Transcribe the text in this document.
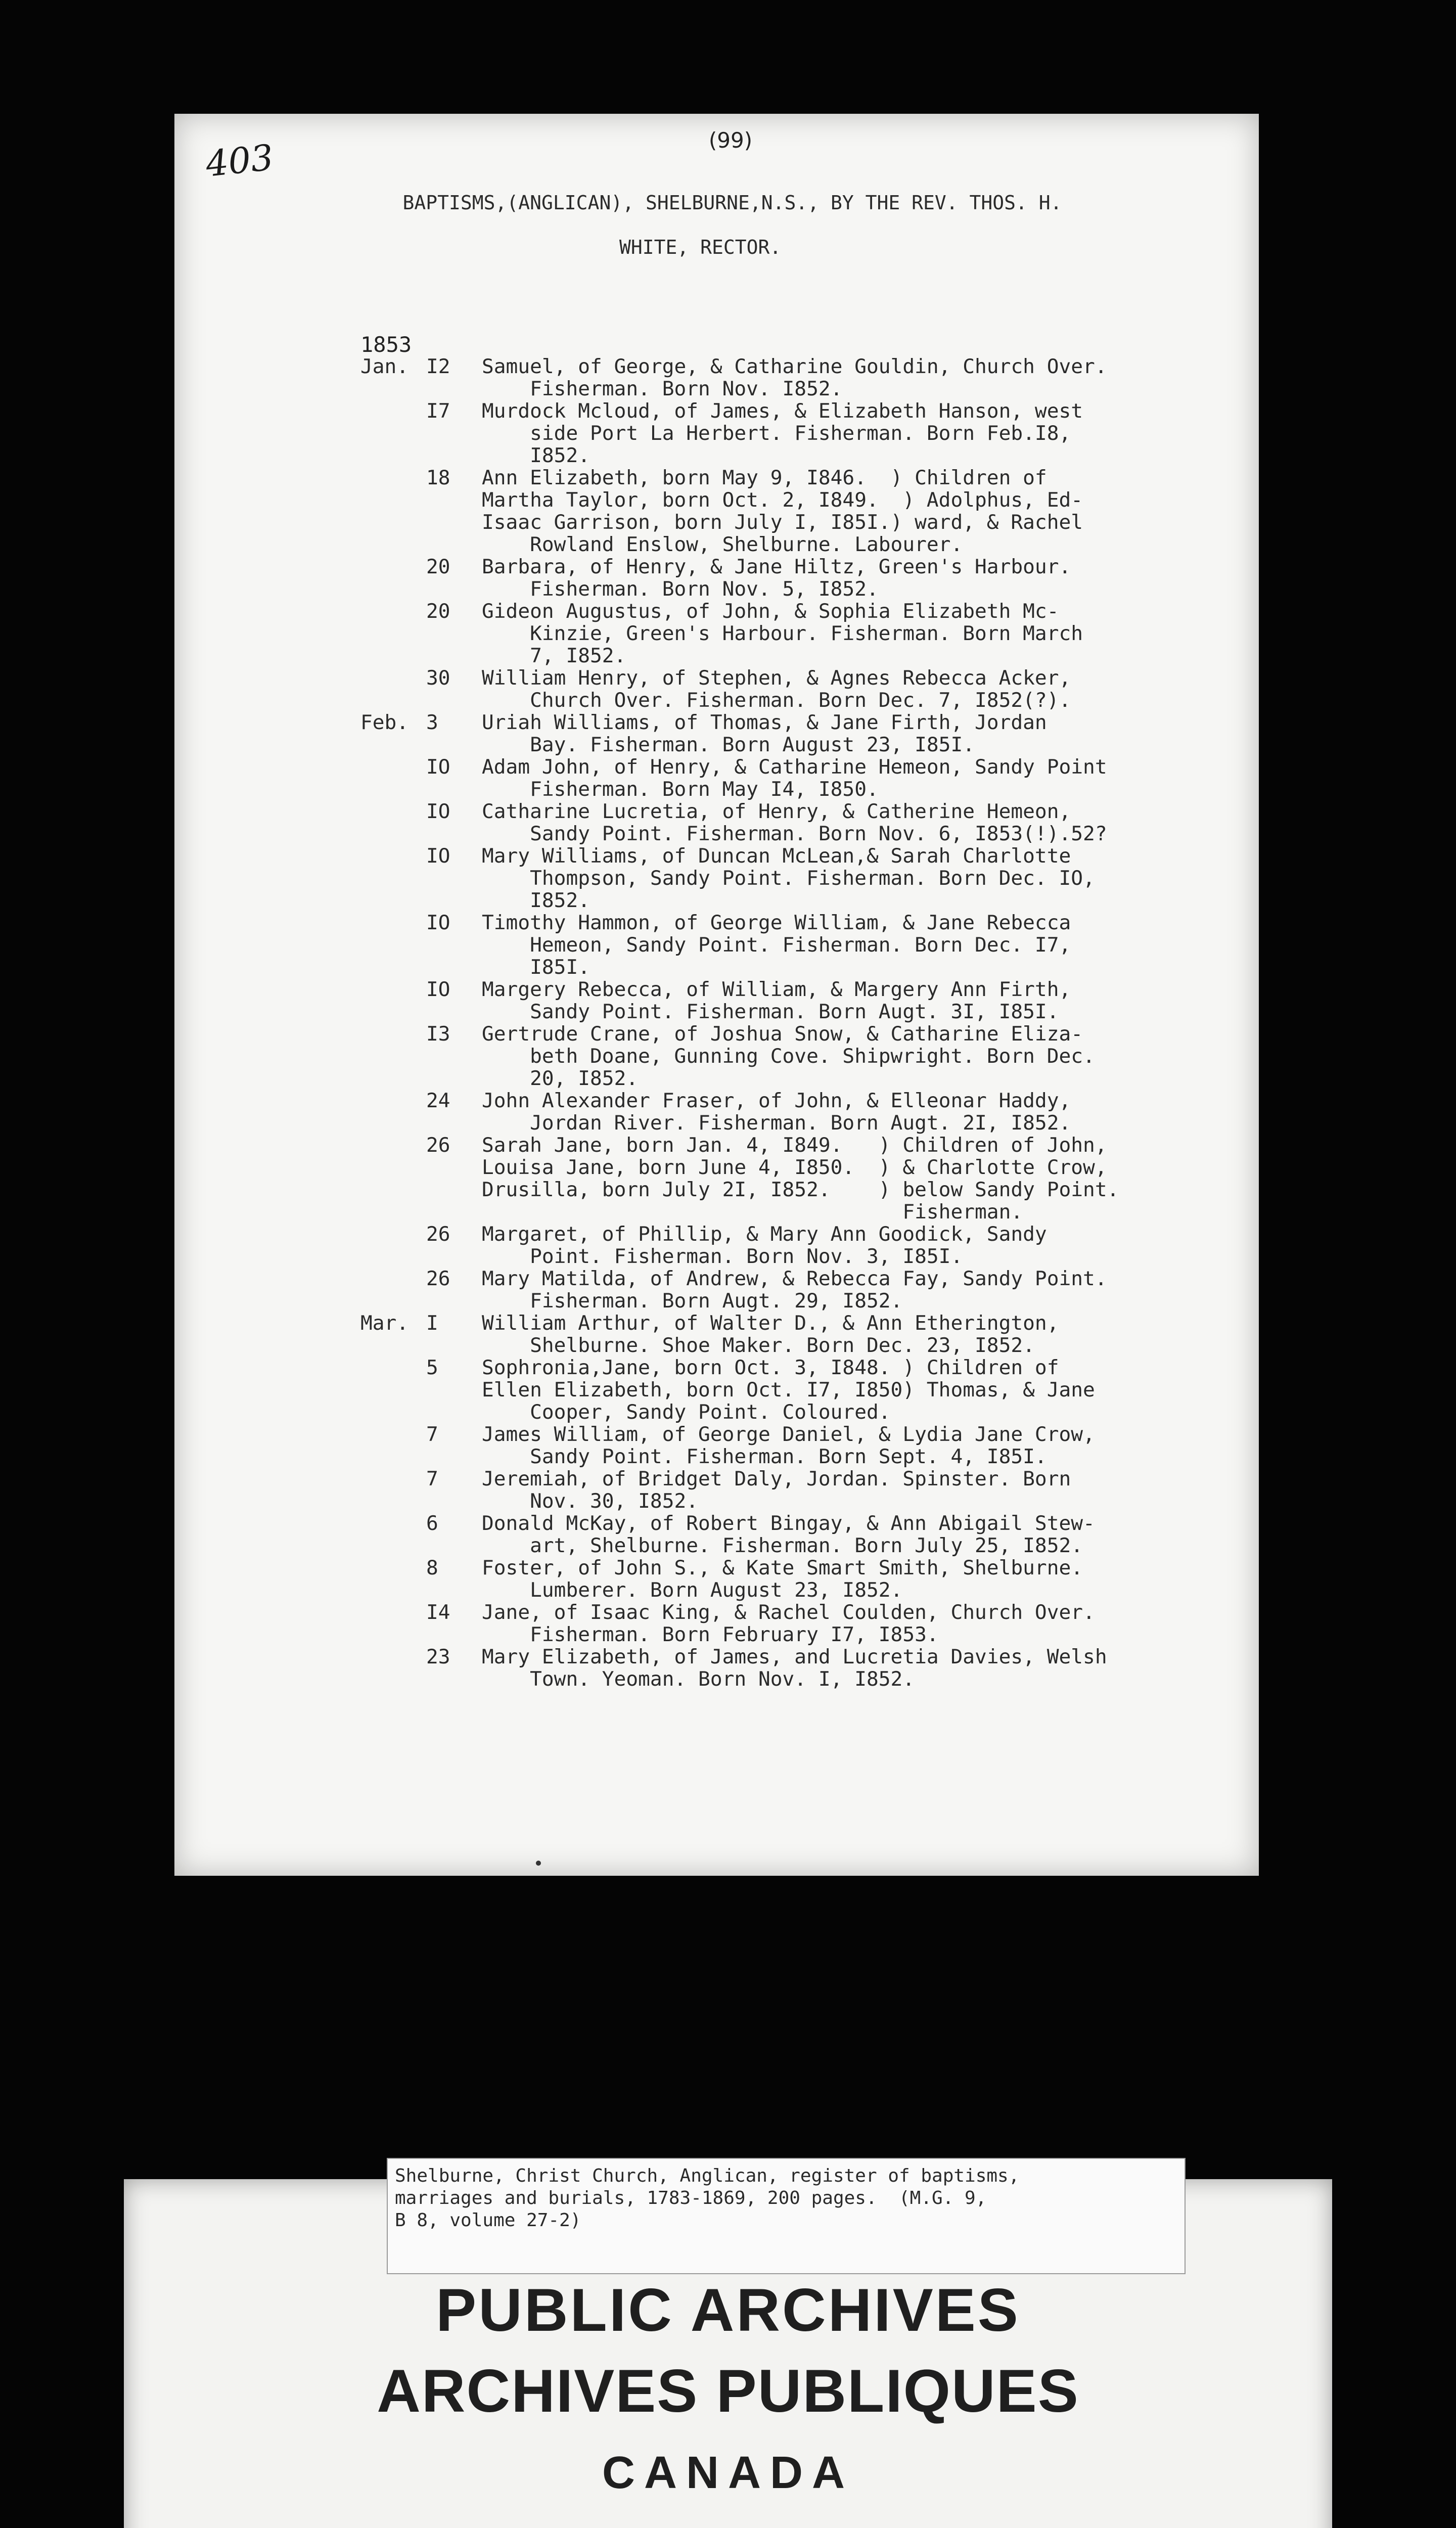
403	(99)

BAPTISMS,(ANGLICAN), SHELBURNE,N.S., BY THE REV. THOS. H.

WHITE, RECTOR.

1853
Jan. I2	Samuel, of George, & Catharine Gouldin, Church Over.
Fisherman. Born Nov. I852.
I7	Murdock Mcloud, of James, & Elizabeth Hanson, west
side Port La Herbert. Fisherman. Born Feb.I8,
I852.
18	Ann Elizabeth, born May 9, I846.  ) Children of
Martha Taylor, born Oct. 2, I849.  ) Adolphus, Ed-
Isaac Garrison, born July I, I85I.) ward, & Rachel
Rowland Enslow, Shelburne. Labourer.
20	Barbara, of Henry, & Jane Hiltz, Green's Harbour.
Fisherman. Born Nov. 5, I852.
20	Gideon Augustus, of John, & Sophia Elizabeth Mc-
Kinzie, Green's Harbour. Fisherman. Born March
7, I852.
30	William Henry, of Stephen, & Agnes Rebecca Acker,
Church Over. Fisherman. Born Dec. 7, I852(?).
Feb. 3	Uriah Williams, of Thomas, & Jane Firth, Jordan
Bay. Fisherman. Born August 23, I85I.
IO	Adam John, of Henry, & Catharine Hemeon, Sandy Point
Fisherman. Born May I4, I850.
IO	Catharine Lucretia, of Henry, & Catherine Hemeon,
Sandy Point. Fisherman. Born Nov. 6, I853(!).52?
IO	Mary Williams, of Duncan McLean,& Sarah Charlotte
Thompson, Sandy Point. Fisherman. Born Dec. IO,
I852.
IO	Timothy Hammon, of George William, & Jane Rebecca
Hemeon, Sandy Point. Fisherman. Born Dec. I7,
I85I.
IO	Margery Rebecca, of William, & Margery Ann Firth,
Sandy Point. Fisherman. Born Augt. 3I, I85I.
I3	Gertrude Crane, of Joshua Snow, & Catharine Eliza-
beth Doane, Gunning Cove. Shipwright. Born Dec.
20, I852.
24	John Alexander Fraser, of John, & Elleonar Haddy,
Jordan River. Fisherman. Born Augt. 2I, I852.
26	Sarah Jane, born Jan. 4, I849.   ) Children of John,
Louisa Jane, born June 4, I850.  ) & Charlotte Crow,
Drusilla, born July 2I, I852.    ) below Sandy Point.
Fisherman.
26	Margaret, of Phillip, & Mary Ann Goodick, Sandy
Point. Fisherman. Born Nov. 3, I85I.
26	Mary Matilda, of Andrew, & Rebecca Fay, Sandy Point.
Fisherman. Born Augt. 29, I852.
Mar. I	William Arthur, of Walter D., & Ann Etherington,
Shelburne. Shoe Maker. Born Dec. 23, I852.
5	Sophronia,Jane, born Oct. 3, I848. ) Children of
Ellen Elizabeth, born Oct. I7, I850) Thomas, & Jane
Cooper, Sandy Point. Coloured.
7	James William, of George Daniel, & Lydia Jane Crow,
Sandy Point. Fisherman. Born Sept. 4, I85I.
7	Jeremiah, of Bridget Daly, Jordan. Spinster. Born
Nov. 30, I852.
6	Donald McKay, of Robert Bingay, & Ann Abigail Stew-
art, Shelburne. Fisherman. Born July 25, I852.
8	Foster, of John S., & Kate Smart Smith, Shelburne.
Lumberer. Born August 23, I852.
I4	Jane, of Isaac King, & Rachel Coulden, Church Over.
Fisherman. Born February I7, I853.
23	Mary Elizabeth, of James, and Lucretia Davies, Welsh
Town. Yeoman. Born Nov. I, I852.
Shelburne, Christ Church, Anglican, register of baptisms,
marriages and burials, 1783-1869, 200 pages.  (M.G. 9,
B 8, volume 27-2)
PUBLIC ARCHIVES
ARCHIVES PUBLIQUES
CANADA
